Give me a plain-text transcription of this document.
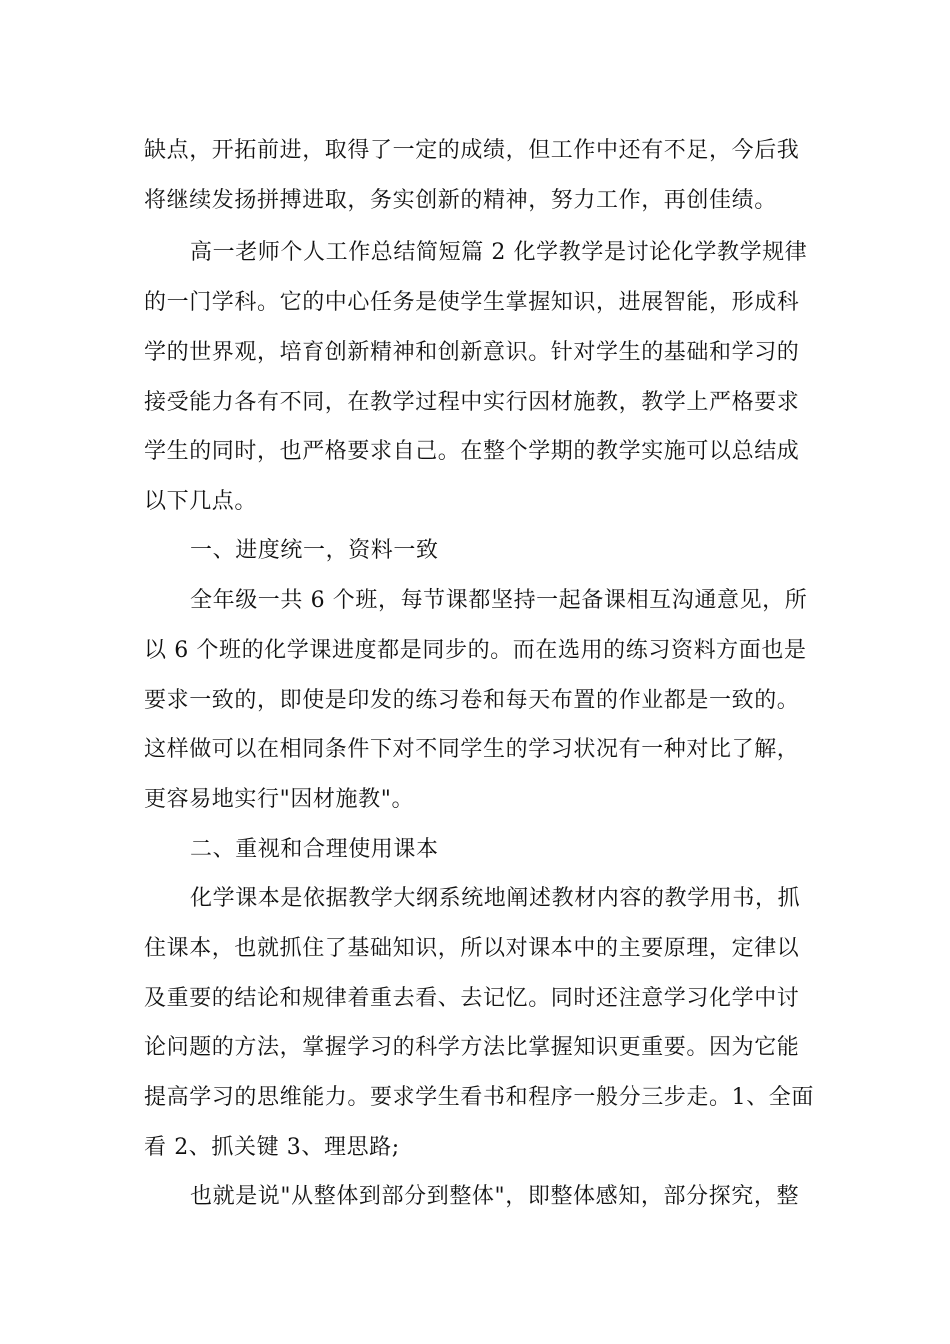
缺点，开拓前进，取得了一定的成绩，但工作中还有不足，今后我

将继续发扬拼搏进取，务实创新的精神，努力工作，再创佳绩。

高一老师个人工作总结简短篇 2 化学教学是讨论化学教学规律

的一门学科。它的中心任务是使学生掌握知识，进展智能，形成科

学的世界观，培育创新精神和创新意识。针对学生的基础和学习的

接受能力各有不同，在教学过程中实行因材施教，教学上严格要求

学生的同时，也严格要求自己。在整个学期的教学实施可以总结成

以下几点。

一、进度统一，资料一致

全年级一共 6 个班，每节课都坚持一起备课相互沟通意见，所

以 6 个班的化学课进度都是同步的。而在选用的练习资料方面也是

要求一致的，即使是印发的练习卷和每天布置的作业都是一致的。

这样做可以在相同条件下对不同学生的学习状况有一种对比了解，

更容易地实行"因材施教"。

二、重视和合理使用课本

化学课本是依据教学大纲系统地阐述教材内容的教学用书，抓

住课本，也就抓住了基础知识，所以对课本中的主要原理，定律以

及重要的结论和规律着重去看、去记忆。同时还注意学习化学中讨

论问题的方法，掌握学习的科学方法比掌握知识更重要。因为它能

提高学习的思维能力。要求学生看书和程序一般分三步走。1、全面

看 2、抓关键 3、理思路;

也就是说"从整体到部分到整体"，即整体感知，部分探究，整
